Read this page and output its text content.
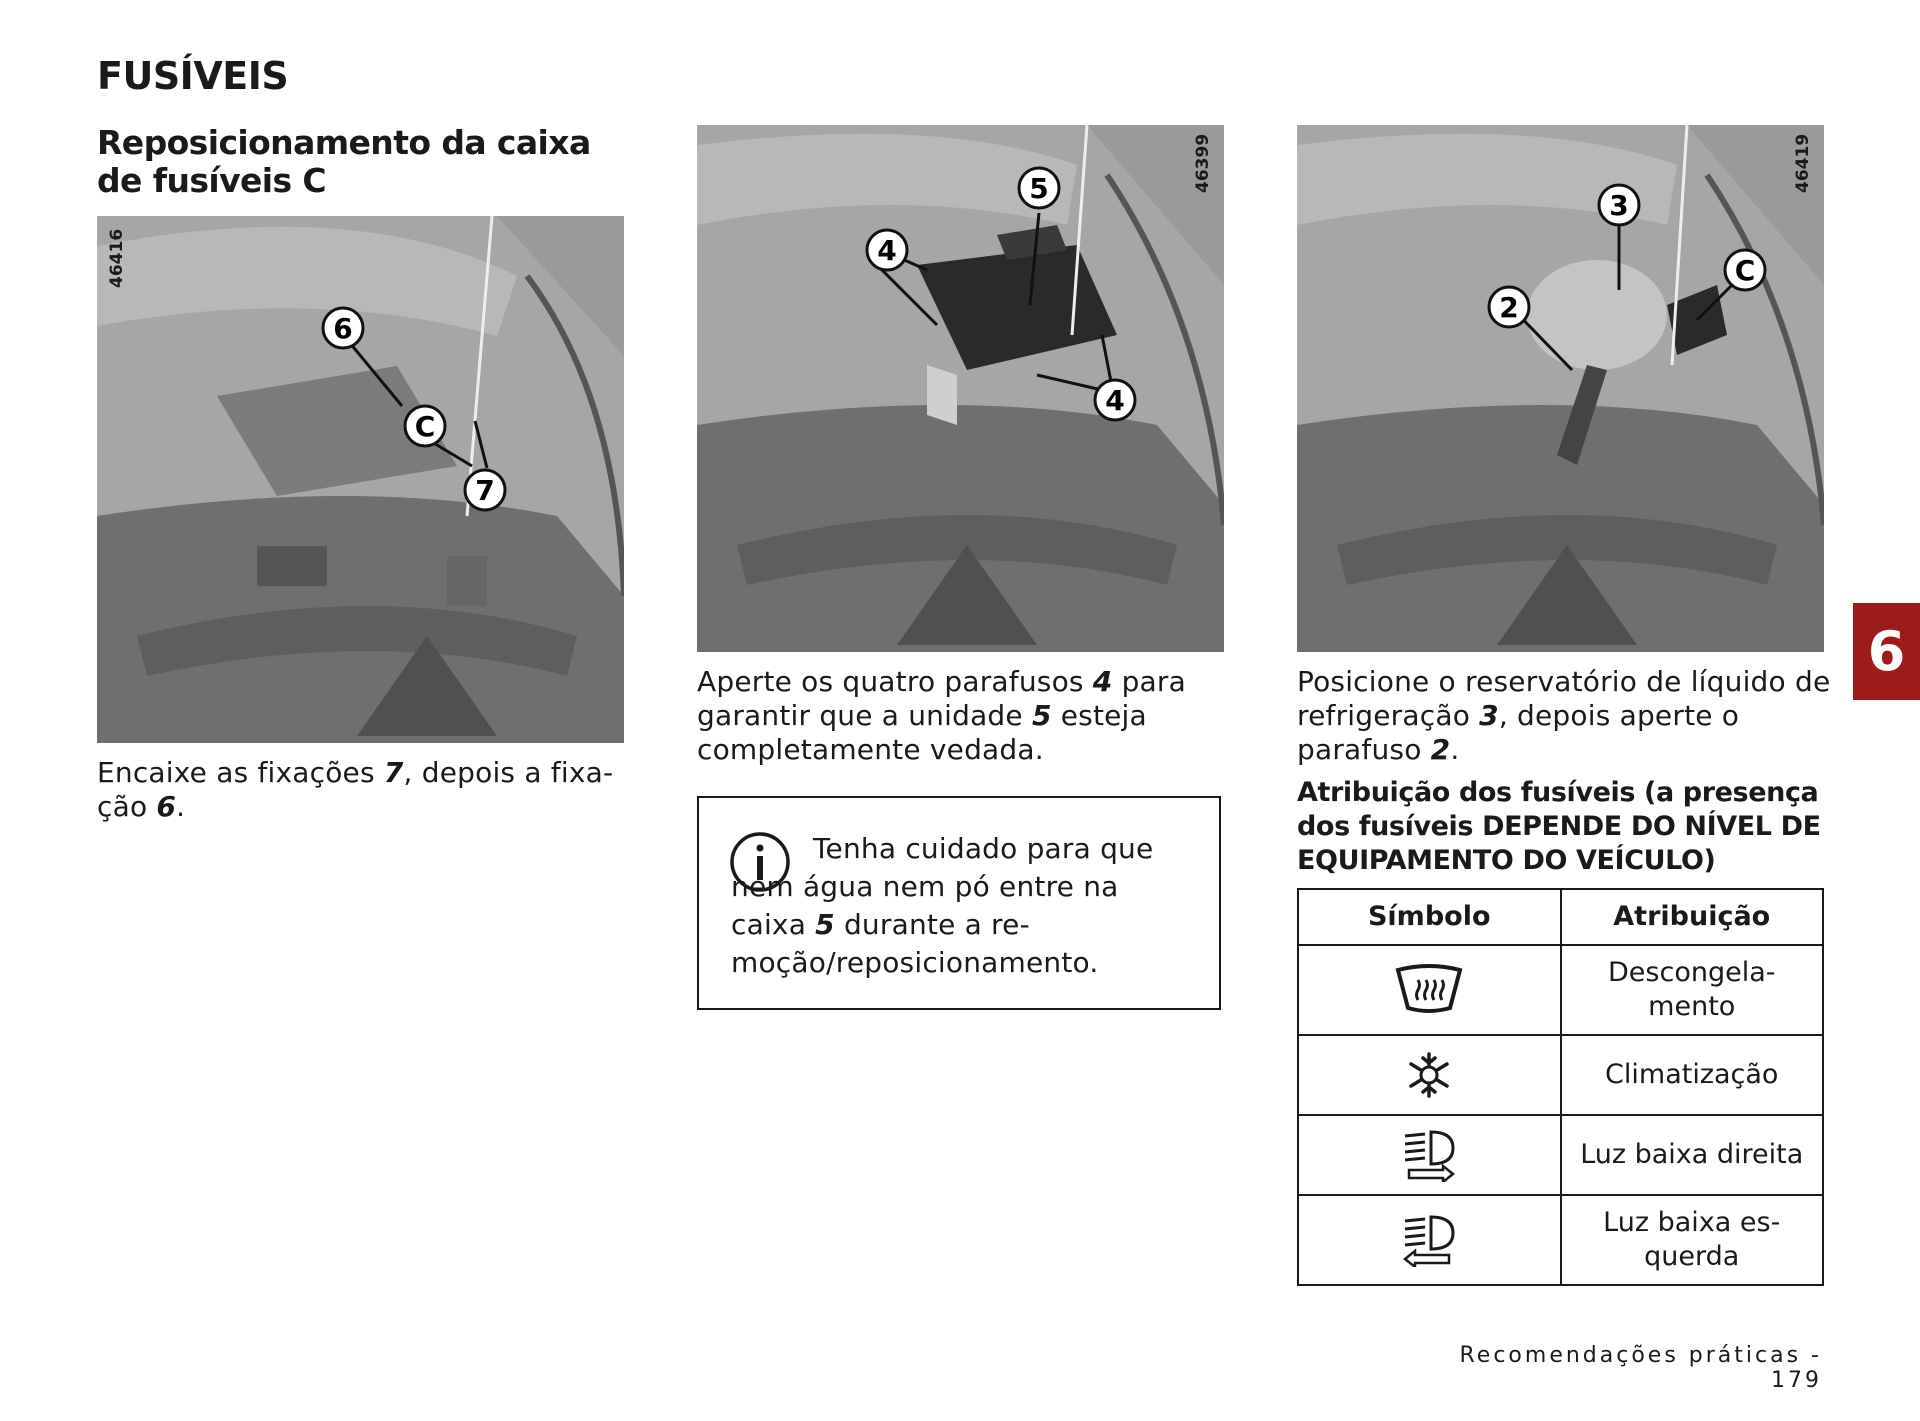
FUSÍVEIS
Reposicionamento da caixa de fusíveis C
6
C
7
46416
5
4
4
46399
3
C
2
46419
Encaixe as fixações 7, depois a fixa-ção 6.
Aperte os quatro parafusos 4 para garantir que a unidade 5 esteja completamente vedada.
Tenha cuidado para que nem água nem pó entre na caixa 5 durante a re-moção/reposicionamento.
Posicione o reservatório de líquido de refrigeração 3, depois aperte o parafuso 2.
Atribuição dos fusíveis (a presença dos fusíveis DEPENDE DO NÍVEL DE EQUIPAMENTO DO VEÍCULO)
Símbolo	Atribuição

	Descongela-mento

	Climatização

	Luz baixa direita

	Luz baixa es-querda
6
Recomendações práticas - 179
